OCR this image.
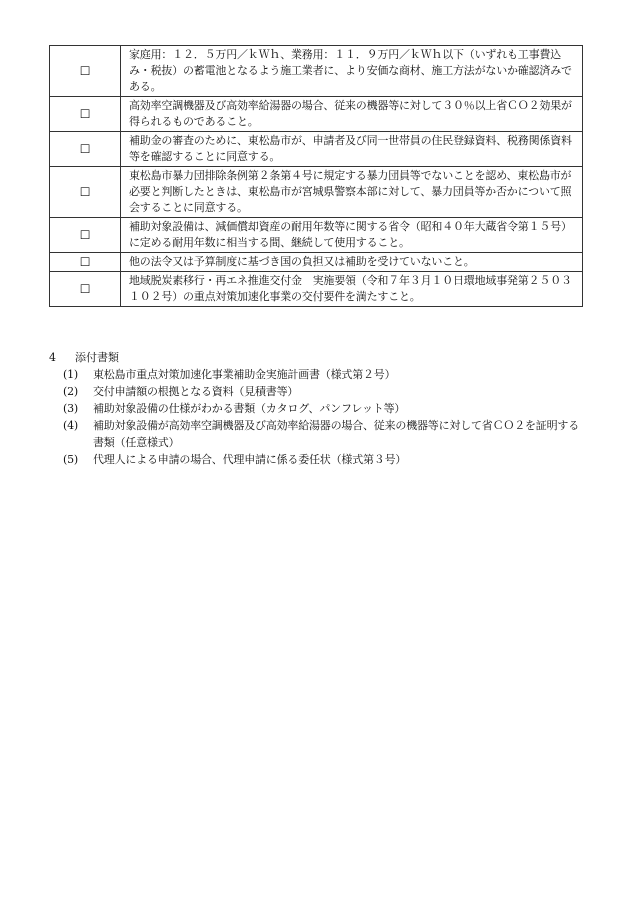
☐	家庭用：１２．５万円／ｋＷｈ、業務用：１１．９万円／ｋＷｈ以下（いずれも工事費込み・税抜）の蓄電池となるよう施工業者に、より安価な商材、施工方法がないか確認済みである。
☐	高効率空調機器及び高効率給湯器の場合、従来の機器等に対して３０％以上省ＣＯ２効果が得られるものであること。
☐	補助金の審査のために、東松島市が、申請者及び同一世帯員の住民登録資料、税務関係資料等を確認することに同意する。
☐	東松島市暴力団排除条例第２条第４号に規定する暴力団員等でないことを認め、東松島市が必要と判断したときは、東松島市が宮城県警察本部に対して、暴力団員等か否かについて照会することに同意する。
☐	補助対象設備は、減価償却資産の耐用年数等に関する省令（昭和４０年大蔵省令第１５号）に定める耐用年数に相当する間、継続して使用すること。
☐	他の法令又は予算制度に基づき国の負担又は補助を受けていないこと。
☐	地域脱炭素移行・再エネ推進交付金　実施要領（令和７年３月１０日環地域事発第２５０３１０２号）の重点対策加速化事業の交付要件を満たすこと。
4 添付書類
(1) 東松島市重点対策加速化事業補助金実施計画書（様式第２号）
(2) 交付申請額の根拠となる資料（見積書等）
(3) 補助対象設備の仕様がわかる書類（カタログ、パンフレット等）
(4) 補助対象設備が高効率空調機器及び高効率給湯器の場合、従来の機器等に対して省ＣＯ２を証明する書類（任意様式）
(5) 代理人による申請の場合、代理申請に係る委任状（様式第３号）
